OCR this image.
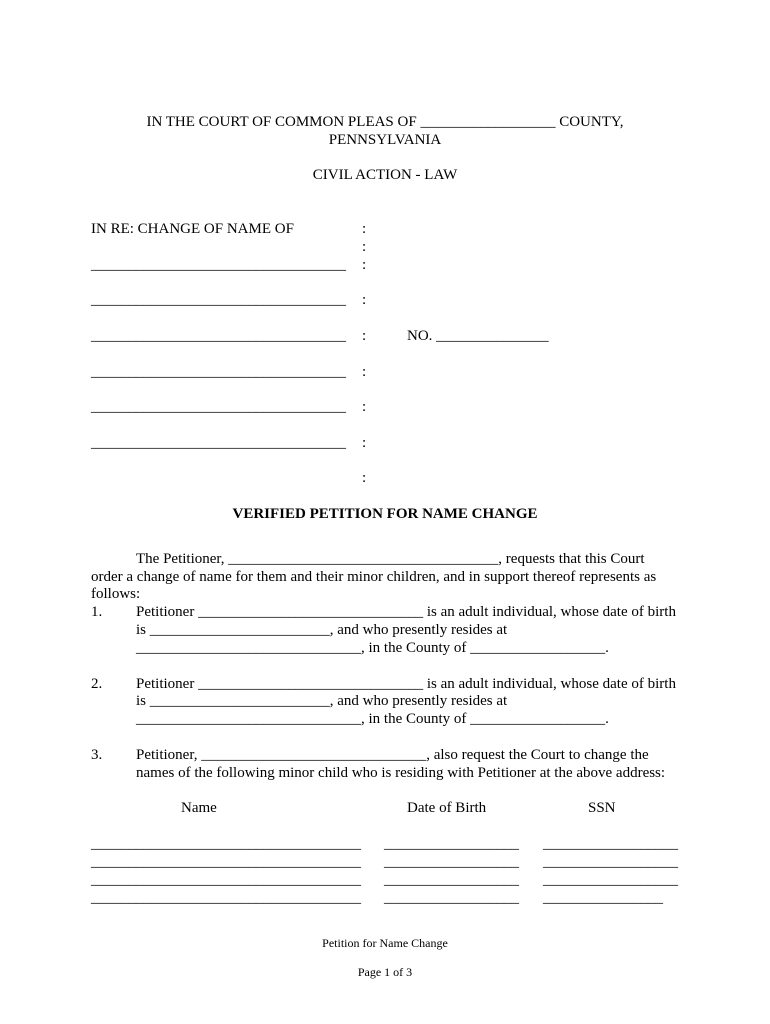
IN THE COURT OF COMMON PLEAS OF __________________ COUNTY,
PENNSYLVANIA
CIVIL ACTION - LAW
IN RE: CHANGE OF NAME OF	:
:
__________________________________ :
__________________________________ :
__________________________________ :	NO. _______________
__________________________________ :
__________________________________ :
__________________________________ :
:
VERIFIED PETITION FOR NAME CHANGE
The Petitioner, ____________________________________, requests that this Court
order a change of name for them and their minor children, and in support thereof represents as
follows:
1. Petitioner ______________________________ is an adult individual, whose date of birth
is ________________________, and who presently resides at
______________________________, in the County of __________________.
2. Petitioner ______________________________ is an adult individual, whose date of birth
is ________________________, and who presently resides at
______________________________, in the County of __________________.
3. Petitioner, ______________________________, also request the Court to change the
names of the following minor child who is residing with Petitioner at the above address:
Name	Date of Birth	SSN
____________________________________ __________________ __________________
____________________________________ __________________ __________________
____________________________________ __________________ __________________
____________________________________ __________________ ________________
Petition for Name Change
Page 1 of 3
